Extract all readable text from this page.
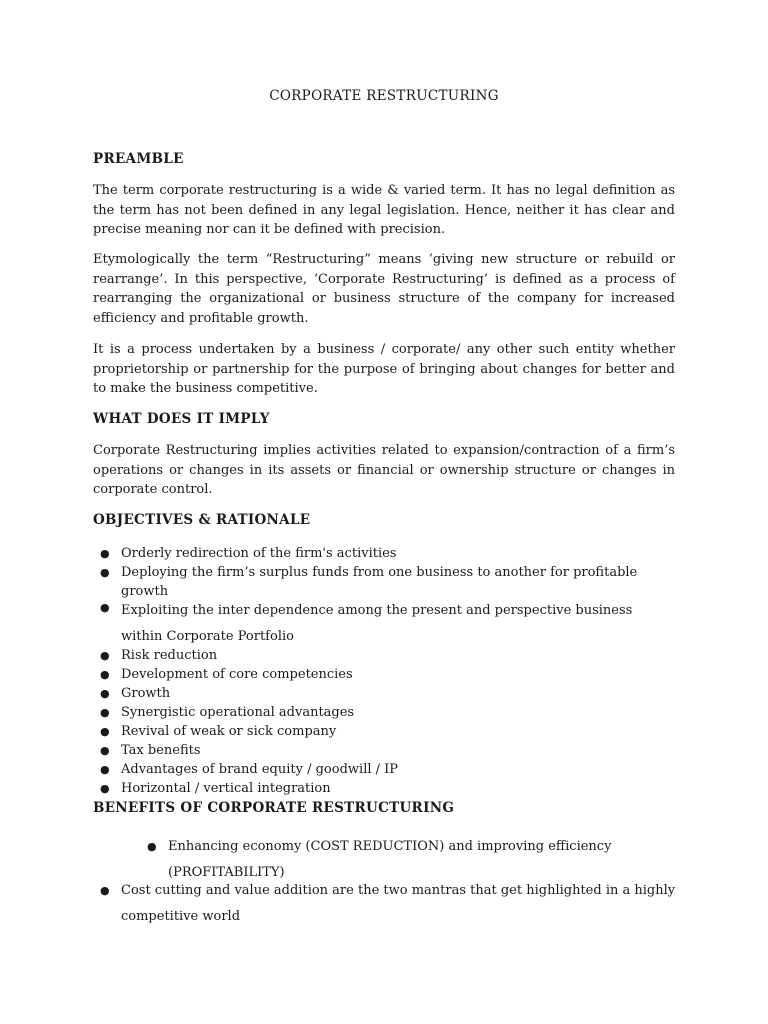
CORPORATE RESTRUCTURING
PREAMBLE
The term corporate restructuring is a wide & varied term. It has no legal definition as the term has not been defined in any legal legislation. Hence, neither it has clear and precise meaning nor can it be defined with precision.
Etymologically the term “Restructuring” means ‘giving new structure or rebuild or rearrange’. In this perspective, ‘Corporate Restructuring’ is defined as a process of rearranging the organizational or business structure of the company for increased efficiency and profitable growth.
It is a process undertaken by a business / corporate/ any other such entity whether proprietorship or partnership for the purpose of bringing about changes for better and to make the business competitive.
WHAT DOES IT IMPLY
Corporate Restructuring implies activities related to expansion/contraction of a firm’s operations or changes in its assets or financial or ownership structure or changes in corporate control.
OBJECTIVES & RATIONALE
● Orderly redirection of the firm's activities
● Deploying the firm’s surplus funds from one business to another for profitable growth
● Exploiting the inter dependence among the present and perspective business within Corporate Portfolio
● Risk reduction
● Development of core competencies
● Growth
● Synergistic operational advantages
● Revival of weak or sick company
● Tax benefits
● Advantages of brand equity / goodwill / IP
● Horizontal / vertical integration
BENEFITS OF CORPORATE RESTRUCTURING
● Enhancing economy (COST REDUCTION) and improving efficiency (PROFITABILITY)
● Cost cutting and value addition are the two mantras that get highlighted in a highly competitive world
